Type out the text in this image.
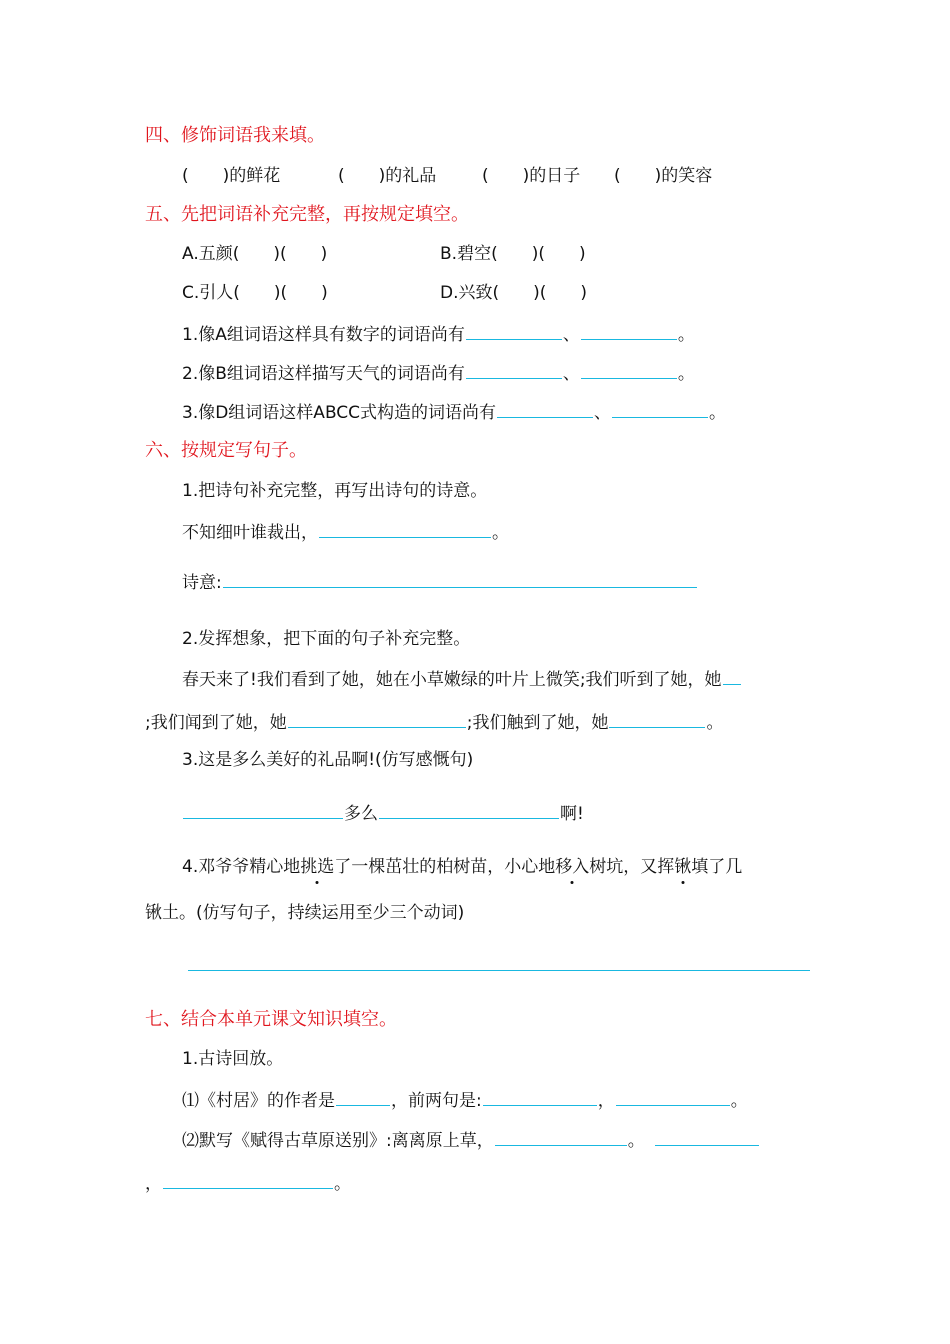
四、修饰词语我来填。
(　　)的鲜花	(　　)的礼品	(　　)的日子 (　　)的笑容
五、先把词语补充完整，再按规定填空。
A.五颜(　　)(　　)	B.碧空(　　)(　　)
C.引人(　　)(　　)	D.兴致(　　)(　　)
1.像A组词语这样具有数字的词语尚有	、	。
2.像B组词语这样描写天气的词语尚有	、	。
3.像D组词语这样ABCC式构造的词语尚有	、	。
六、按规定写句子。
1.把诗句补充完整，再写出诗句的诗意。
不知细叶谁裁出，	。
诗意:
2.发挥想象，把下面的句子补充完整。
春天来了!我们看到了她，她在小草嫩绿的叶片上微笑;我们听到了她，她
;我们闻到了她，她	;我们触到了她，她	。
3.这是多么美好的礼品啊!(仿写感慨句)
多么	啊!
4.邓爷爷精心地挑选了一棵茁壮的柏树苗，小心地移入树坑，又挥锹填了几
锹土。(仿写句子，持续运用至少三个动词)
七、结合本单元课文知识填空。
1.古诗回放。
⑴《村居》的作者是	，前两句是:	，	。
⑵默写《赋得古草原送别》:离离原上草，	。
，	。
